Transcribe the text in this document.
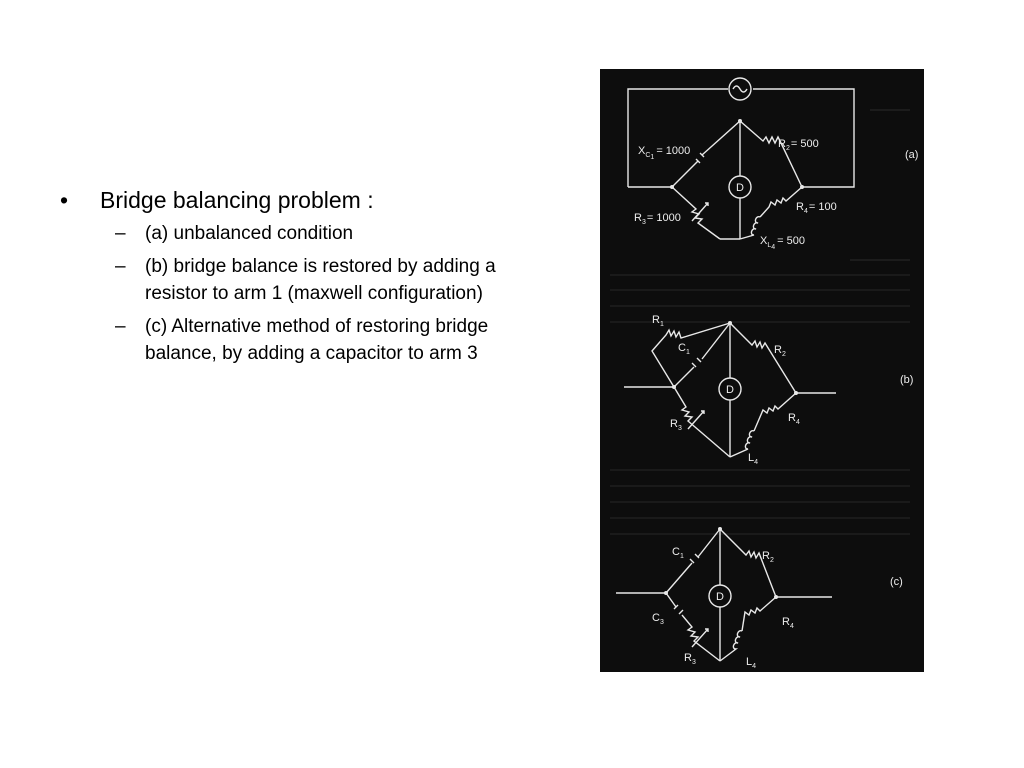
• Bridge balancing problem :
– (a) unbalanced condition
– (b) bridge balance is restored by adding a resistor to arm 1 (maxwell configuration)
– (c) Alternative method of restoring bridge balance, by adding a capacitor to arm 3
D
$X_C1= 1000$
$R_2= 500$
$R_3= 1000$
$R_4= 100$
$X_L4= 500$
(a)
D
$R_1$
$C_1$	$R_2$
$R_3$
$R_4$
$L_4$
(b)
D
$C_1$	$R_2$
$C_3$
$R_3$
$R_4$
$L_4$
(c)
